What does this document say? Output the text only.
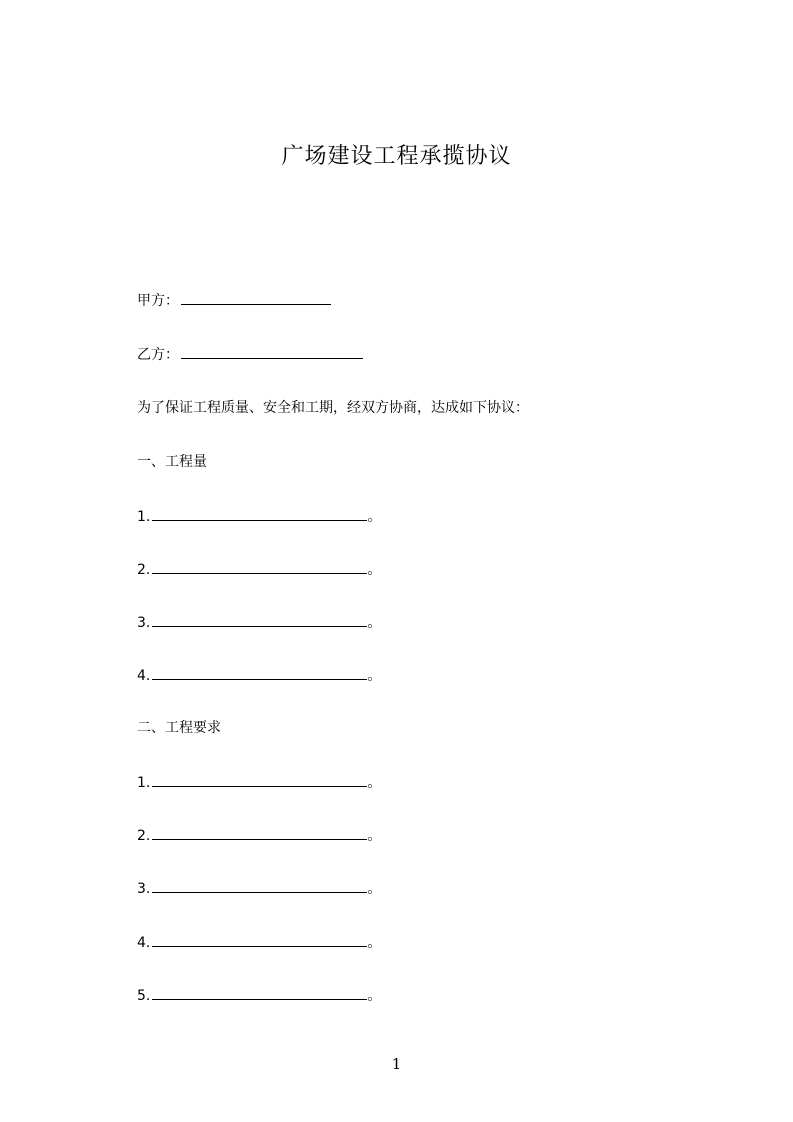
广场建设工程承揽协议
甲方：
乙方：
为了保证工程质量、安全和工期，经双方协商，达成如下协议：
一、工程量
1.	。
2.	。
3.	。
4.	。
二、工程要求
1.	。
2.	。
3.	。
4.	。
5.	。
1
